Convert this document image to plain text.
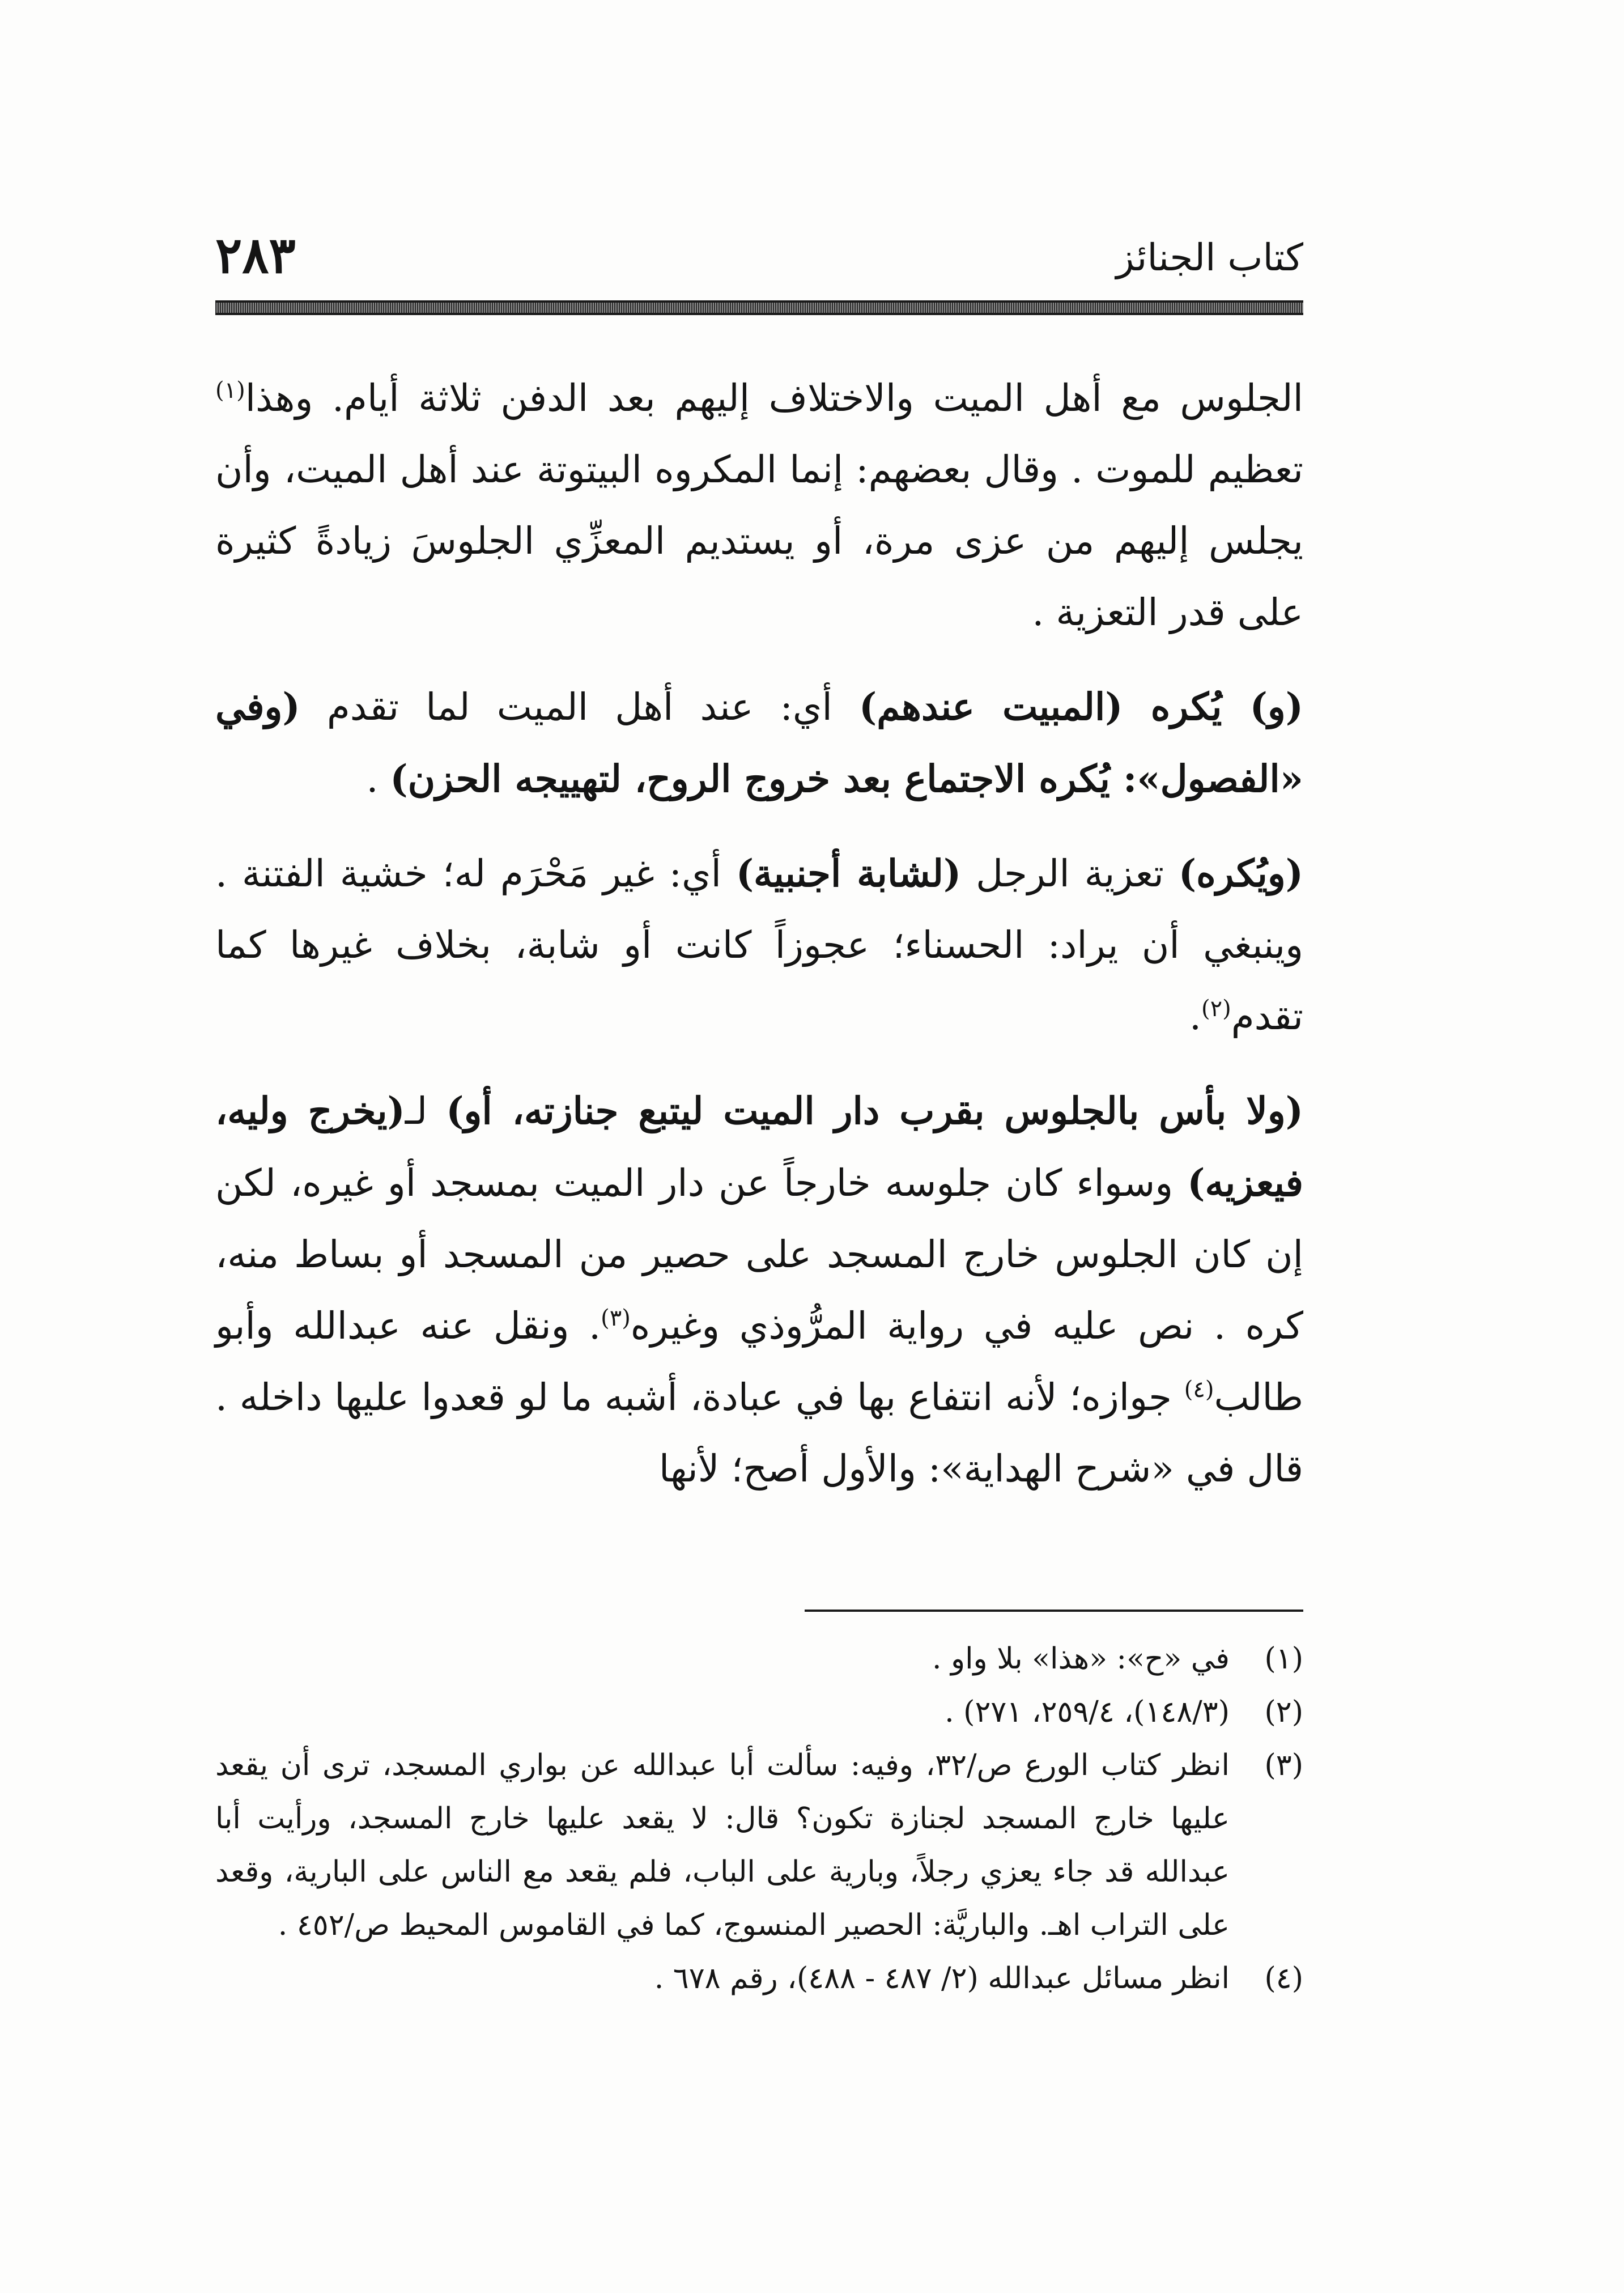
كتاب الجنائز
٢٨٣

الجلوس مع أهل الميت والاختلاف إليهم بعد الدفن ثلاثة أيام. وهذا$^{(١)}$ تعظيم للموت . وقال بعضهم: إنما المكروه البيتوتة عند أهل الميت، وأن يجلس إليهم من عزى مرة، أو يستديم المعزِّي الجلوسَ زيادةً كثيرة على قدر التعزية .

(و) يُكره (المبيت عندهم) أي: عند أهل الميت لما تقدم (وفي «الفصول»: يُكره الاجتماع بعد خروج الروح، لتهييجه الحزن) .

(ويُكره) تعزية الرجل (لشابة أجنبية) أي: غير مَحْرَم له؛ خشية الفتنة . وينبغي أن يراد: الحسناء؛ عجوزاً كانت أو شابة، بخلاف غيرها كما تقدم$^{(٢)}$.

(ولا بأس بالجلوس بقرب دار الميت ليتبع جنازته، أو) لـ(يخرج وليه، فيعزيه) وسواء كان جلوسه خارجاً عن دار الميت بمسجد أو غيره، لكن إن كان الجلوس خارج المسجد على حصير من المسجد أو بساط منه، كره . نص عليه في رواية المرُّوذي وغيره$^{(٣)}$. ونقل عنه عبدالله وأبو طالب$^{(٤)}$ جوازه؛ لأنه انتفاع بها في عبادة، أشبه ما لو قعدوا عليها داخله . قال في «شرح الهداية»: والأول أصح؛ لأنها

(١)
في «ح»: «هذا» بلا واو .
(٢)
(١٤٨/٣)، ٢٥٩/٤، ٢٧١) .
(٣)
انظر كتاب الورع ص/٣٢، وفيه: سألت أبا عبدالله عن بواري المسجد، ترى أن يقعد عليها خارج المسجد لجنازة تكون؟ قال: لا يقعد عليها خارج المسجد، ورأيت أبا عبدالله قد جاء يعزي رجلاً، وبارية على الباب، فلم يقعد مع الناس على البارية، وقعد على التراب اهـ. والباريَّة: الحصير المنسوج، كما في القاموس المحيط ص/٤٥٢ .
(٤)
انظر مسائل عبدالله (٢/ ٤٨٧ - ٤٨٨)، رقم ٦٧٨ .
